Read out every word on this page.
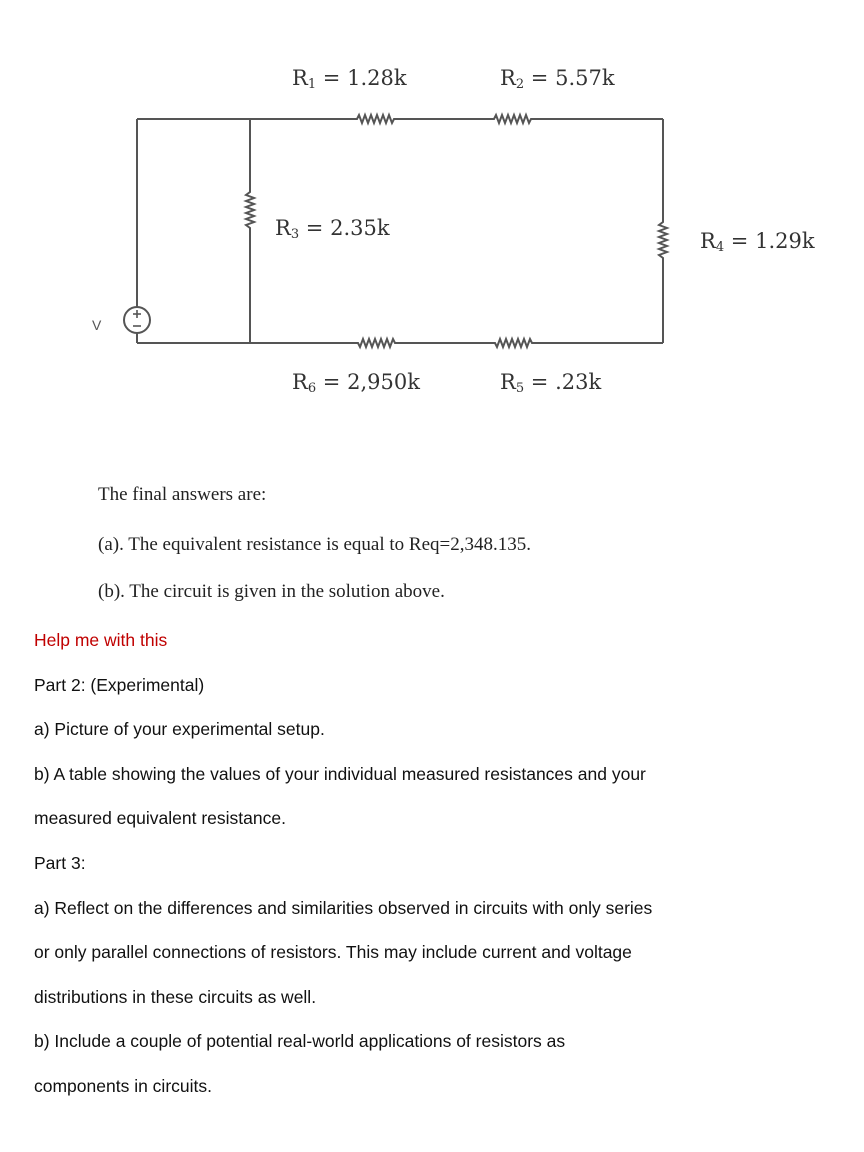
$R_1 = 1.28k$	$R_2 = 5.57k$
$R_3 = 2.35k$
$R_4 = 1.29k$
$R_5 = .23k$
$R_6 = 2,950k$
V
The final answers are:
(a). The equivalent resistance is equal to Req=2,348.135.
(b). The circuit is given in the solution above.
Help me with this
Part 2: (Experimental)
a) Picture of your experimental setup.
b) A table showing the values of your individual measured resistances and your
measured equivalent resistance.
Part 3:
a) Reflect on the differences and similarities observed in circuits with only series
or only parallel connections of resistors. This may include current and voltage
distributions in these circuits as well.
b) Include a couple of potential real-world applications of resistors as
components in circuits.
